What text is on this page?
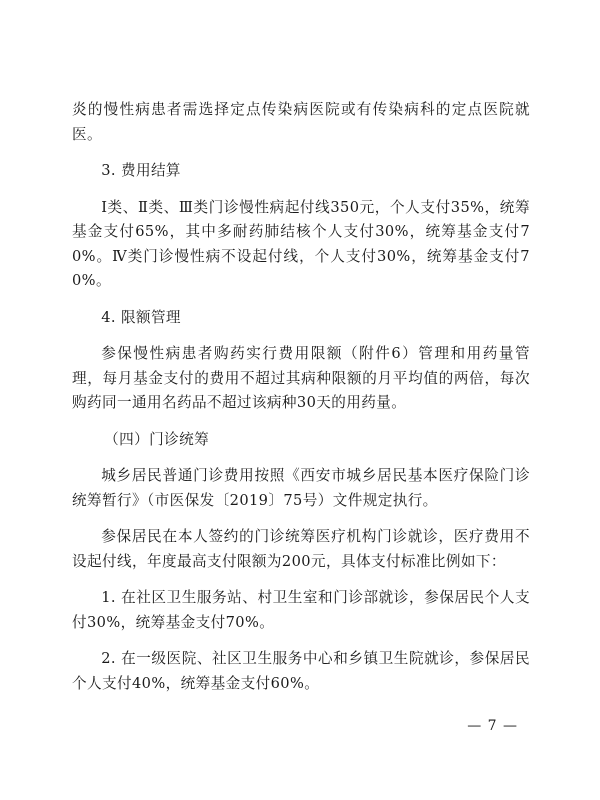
炎的慢性病患者需选择定点传染病医院或有传染病科的定点医院就医。

3. 费用结算

Ⅰ类、Ⅱ类、Ⅲ类门诊慢性病起付线350元，个人支付35%，统筹基金支付65%，其中多耐药肺结核个人支付30%，统筹基金支付70%。Ⅳ类门诊慢性病不设起付线，个人支付30%，统筹基金支付70%。

4. 限额管理

参保慢性病患者购药实行费用限额（附件6）管理和用药量管理，每月基金支付的费用不超过其病种限额的月平均值的两倍，每次购药同一通用名药品不超过该病种30天的用药量。

（四）门诊统筹

城乡居民普通门诊费用按照《西安市城乡居民基本医疗保险门诊统筹暂行》（市医保发〔2019〕75号）文件规定执行。

参保居民在本人签约的门诊统筹医疗机构门诊就诊，医疗费用不设起付线，年度最高支付限额为200元，具体支付标准比例如下：

1. 在社区卫生服务站、村卫生室和门诊部就诊，参保居民个人支付30%，统筹基金支付70%。

2. 在一级医院、社区卫生服务中心和乡镇卫生院就诊，参保居民个人支付40%，统筹基金支付60%。

— 7 —
